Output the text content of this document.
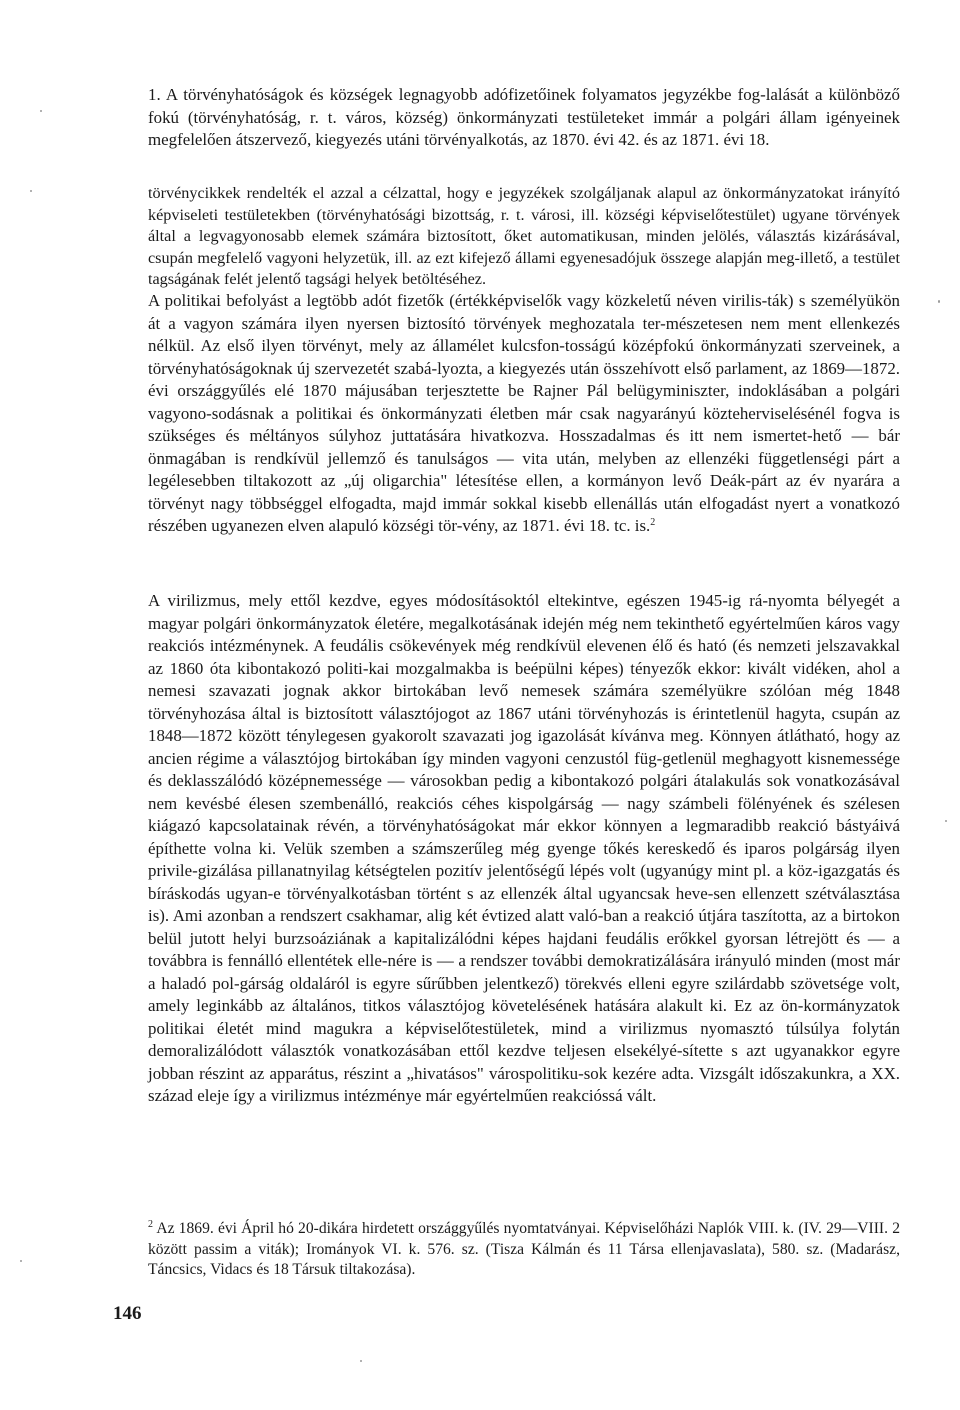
1. A törvényhatóságok és községek legnagyobb adófizetőinek folyamatos jegyzékbe fog-lalását a különböző fokú (törvényhatóság, r. t. város, község) önkormányzati testületeket immár a polgári állam igényeinek megfelelően átszervező, kiegyezés utáni törvényalkotás, az 1870. évi 42. és az 1871. évi 18.

törvénycikkek rendelték el azzal a célzattal, hogy e jegyzékek szolgáljanak alapul az önkormányzatokat irányító képviseleti testületekben (törvényhatósági bizottság, r. t. városi, ill. községi képviselőtestület) ugyane törvények által a legvagyonosabb elemek számára biztosított, őket automatikusan, minden jelölés, választás kizárásával, csupán megfelelő vagyoni helyzetük, ill. az ezt kifejező állami egyenesadójuk összege alapján meg-illető, a testület tagságának felét jelentő tagsági helyek betöltéséhez.

A politikai befolyást a legtöbb adót fizetők (értékképviselők vagy közkeletű néven virilis-ták) s személyükön át a vagyon számára ilyen nyersen biztosító törvények meghozatala ter-mészetesen nem ment ellenkezés nélkül. Az első ilyen törvényt, mely az államélet kulcsfon-tosságú középfokú önkormányzati szerveinek, a törvényhatóságoknak új szervezetét szabá-lyozta, a kiegyezés után összehívott első parlament, az 1869—1872. évi országgyűlés elé 1870 májusában terjesztette be Rajner Pál belügyminiszter, indoklásában a polgári vagyono-sodásnak a politikai és önkormányzati életben már csak nagyarányú közteherviselésénél fogva is szükséges és méltányos súlyhoz juttatására hivatkozva. Hosszadalmas és itt nem ismertet-hető — bár önmagában is rendkívül jellemző és tanulságos — vita után, melyben az ellenzéki függetlenségi párt a legélesebben tiltakozott az „új oligarchia" létesítése ellen, a kormányon levő Deák-párt az év nyarára a törvényt nagy többséggel elfogadta, majd immár sokkal kisebb ellenállás után elfogadást nyert a vonatkozó részében ugyanezen elven alapuló községi tör-vény, az 1871. évi 18. tc. is.$^2$

A virilizmus, mely ettől kezdve, egyes módosításoktól eltekintve, egészen 1945-ig rá-nyomta bélyegét a magyar polgári önkormányzatok életére, megalkotásának idején még nem tekinthető egyértelműen káros vagy reakciós intézménynek. A feudális csökevények még rendkívül elevenen élő és ható (és nemzeti jelszavakkal az 1860 óta kibontakozó politi-kai mozgalmakba is beépülni képes) tényezők ekkor: kivált vidéken, ahol a nemesi szavazati jognak akkor birtokában levő nemesek számára személyükre szólóan még 1848 törvényhozása által is biztosított választójogot az 1867 utáni törvényhozás is érintetlenül hagyta, csupán az 1848—1872 között ténylegesen gyakorolt szavazati jog igazolását kívánva meg. Könnyen átlátható, hogy az ancien régime a választójog birtokában így minden vagyoni cenzustól füg-getlenül meghagyott kisnemessége és deklasszálódó középnemessége — városokban pedig a kibontakozó polgári átalakulás sok vonatkozásával nem kevésbé élesen szembenálló, reakciós céhes kispolgárság — nagy számbeli fölényének és szélesen kiágazó kapcsolatainak révén, a törvényhatóságokat már ekkor könnyen a legmaradibb reakció bástyáivá építhette volna ki. Velük szemben a számszerűleg még gyenge tőkés kereskedő és iparos polgárság ilyen privile-gizálása pillanatnyilag kétségtelen pozitív jelentőségű lépés volt (ugyanúgy mint pl. a köz-igazgatás és bíráskodás ugyan-e törvényalkotásban történt s az ellenzék által ugyancsak heve-sen ellenzett szétválasztása is). Ami azonban a rendszert csakhamar, alig két évtized alatt való-ban a reakció útjára taszította, az a birtokon belül jutott helyi burzsoáziának a kapitalizálódni képes hajdani feudális erőkkel gyorsan létrejött és — a továbbra is fennálló ellentétek elle-nére is — a rendszer további demokratizálására irányuló minden (most már a haladó pol-gárság oldaláról is egyre sűrűbben jelentkező) törekvés elleni egyre szilárdabb szövetsége volt, amely leginkább az általános, titkos választójog követelésének hatására alakult ki. Ez az ön-kormányzatok politikai életét mind magukra a képviselőtestületek, mind a virilizmus nyomasztó túlsúlya folytán demoralizálódott választók vonatkozásában ettől kezdve teljesen elsekélyé-sítette s azt ugyanakkor egyre jobban részint az apparátus, részint a „hivatásos" várospolitiku-sok kezére adta. Vizsgált időszakunkra, a XX. század eleje így a virilizmus intézménye már egyértelműen reakcióssá vált.

$^2$ Az 1869. évi Ápril hó 20-dikára hirdetett országgyűlés nyomtatványai. Képviselőházi Naplók VIII. k. (IV. 29—VIII. 2 között passim a viták); Irományok VI. k. 576. sz. (Tisza Kálmán és 11 Társa ellenjavaslata), 580. sz. (Madarász, Táncsics, Vidacs és 18 Társuk tiltakozása).

146
